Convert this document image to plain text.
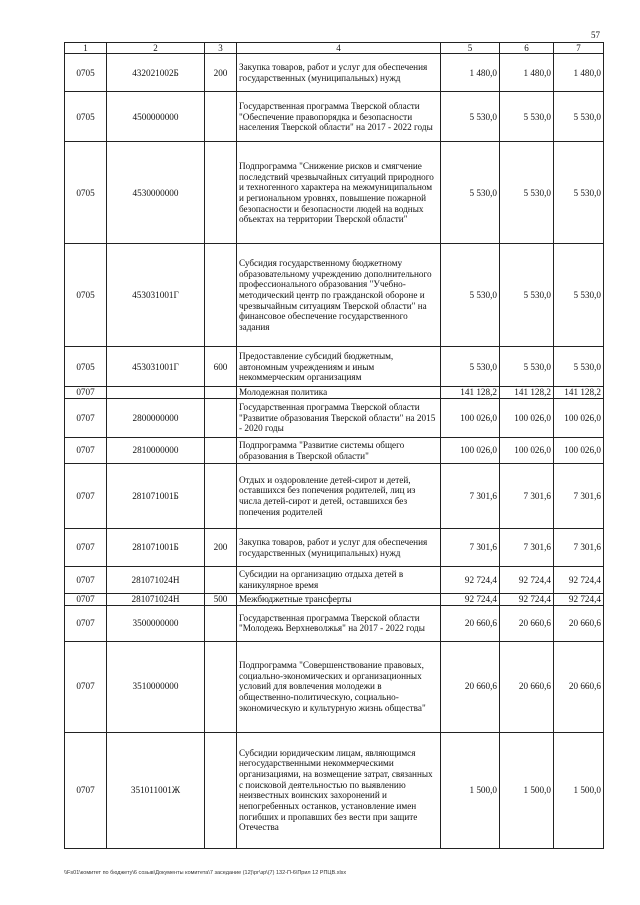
57
1	2	3	4	5	6	7
0705	432021002Б	200	Закупка товаров, работ и услуг для обеспечения государственных (муниципальных) нужд	1 480,0	1 480,0	1 480,0
0705	4500000000		Государственная программа Тверской области "Обеспечение правопорядка и безопасности населения Тверской области" на 2017 - 2022 годы	5 530,0	5 530,0	5 530,0
0705	4530000000		Подпрограмма "Снижение рисков и смягчение последствий чрезвычайных ситуаций природного и техногенного характера на межмуниципальном и региональном уровнях, повышение пожарной безопасности и безопасности людей на водных объектах на территории Тверской области"	5 530,0	5 530,0	5 530,0
0705	453031001Г		Субсидия государственному бюджетному образовательному учреждению дополнительного профессионального образования "Учебно-методический центр по гражданской обороне и чрезвычайным ситуациям Тверской области" на финансовое обеспечение государственного задания	5 530,0	5 530,0	5 530,0
0705	453031001Г	600	Предоставление субсидий бюджетным, автономным учреждениям и иным некоммерческим организациям	5 530,0	5 530,0	5 530,0
0707			Молодежная политика	141 128,2	141 128,2	141 128,2
0707	2800000000		Государственная программа Тверской области "Развитие образования Тверской области" на 2015 - 2020 годы	100 026,0	100 026,0	100 026,0
0707	2810000000		Подпрограмма "Развитие системы общего образования в Тверской области"	100 026,0	100 026,0	100 026,0
0707	281071001Б		Отдых и оздоровление детей-сирот и детей, оставшихся без попечения родителей, лиц из числа детей-сирот и детей, оставшихся без попечения родителей	7 301,6	7 301,6	7 301,6
0707	281071001Б	200	Закупка товаров, работ и услуг для обеспечения государственных (муниципальных) нужд	7 301,6	7 301,6	7 301,6
0707	281071024Н		Субсидии на организацию отдыха детей в каникулярное время	92 724,4	92 724,4	92 724,4
0707	281071024Н	500	Межбюджетные трансферты	92 724,4	92 724,4	92 724,4
0707	3500000000		Государственная программа Тверской области "Молодежь Верхневолжья" на 2017 - 2022 годы	20 660,6	20 660,6	20 660,6
0707	3510000000		Подпрограмма "Совершенствование правовых, социально-экономических и организационных условий для вовлечения молодежи в общественно-политическую, социально-экономическую и культурную жизнь общества"	20 660,6	20 660,6	20 660,6
0707	351011001Ж		Субсидии юридическим лицам, являющимся негосударственными некоммерческими организациями, на возмещение затрат, связанных с поисковой деятельностью по выявлению неизвестных воинских захоронений и непогребенных останков, установление имен погибших и пропавших без вести при защите Отечества	1 500,0	1 500,0	1 500,0
\\Fs01\комитет по бюджету\6 созыв\Документы комитета\7 заседание (12)\рг\зр\(7) 132-П-6\Прил 12 РПЦВ.xlsx
